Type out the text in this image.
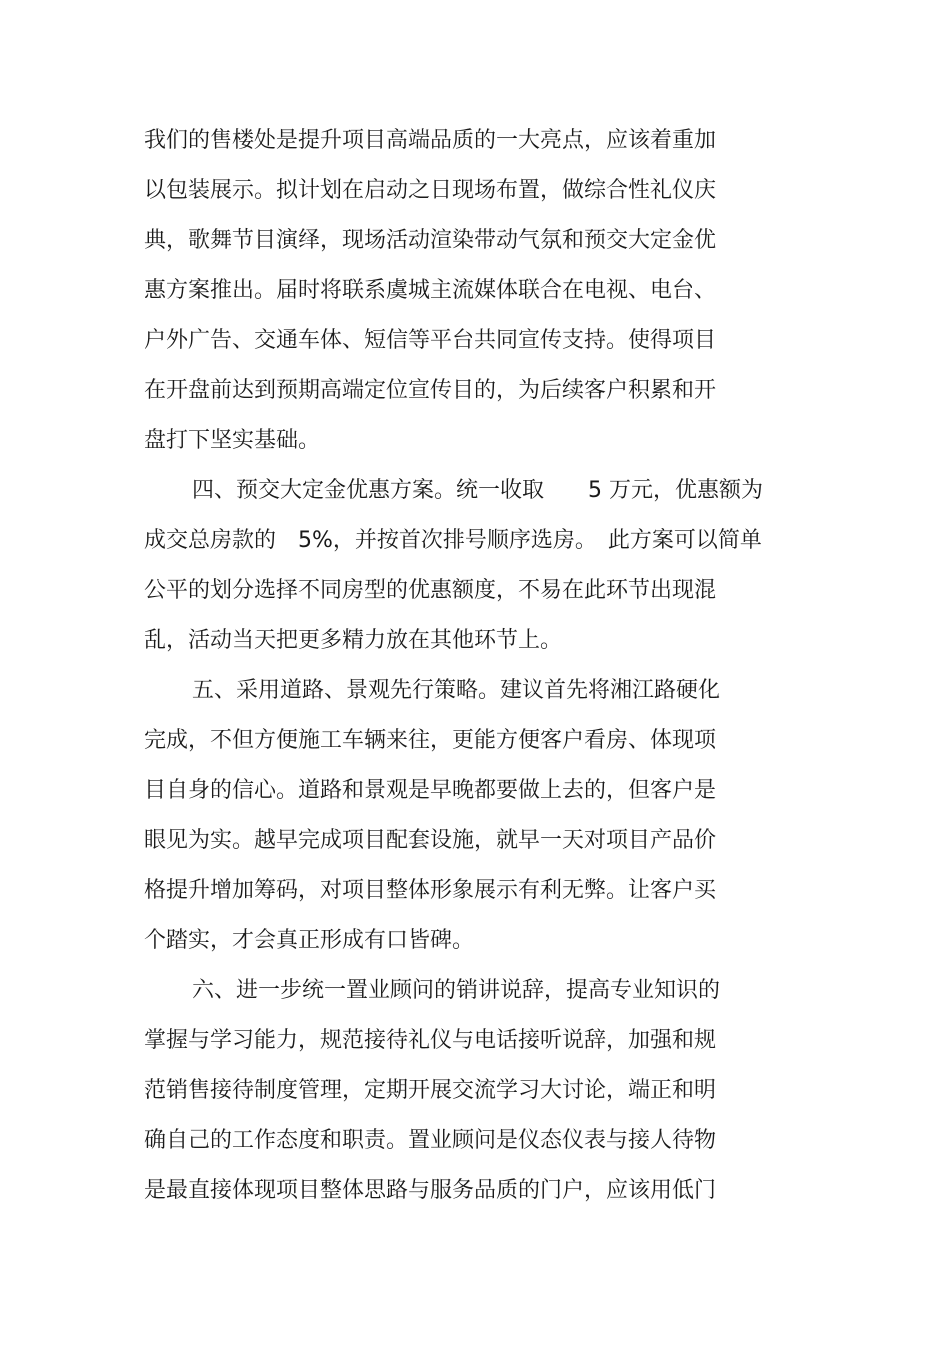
我们的售楼处是提升项目高端品质的一大亮点，应该着重加
以包装展示。拟计划在启动之日现场布置，做综合性礼仪庆
典，歌舞节目演绎，现场活动渲染带动气氛和预交大定金优
惠方案推出。届时将联系虞城主流媒体联合在电视、电台、
户外广告、交通车体、短信等平台共同宣传支持。使得项目
在开盘前达到预期高端定位宣传目的，为后续客户积累和开
盘打下坚实基础。
四、预交大定金优惠方案。统一收取　　5 万元，优惠额为
成交总房款的　5%，并按首次排号顺序选房。　此方案可以简单
公平的划分选择不同房型的优惠额度，不易在此环节出现混
乱，活动当天把更多精力放在其他环节上。
五、采用道路、景观先行策略。建议首先将湘江路硬化
完成，不但方便施工车辆来往，更能方便客户看房、体现项
目自身的信心。道路和景观是早晚都要做上去的，但客户是
眼见为实。越早完成项目配套设施，就早一天对项目产品价
格提升增加筹码，对项目整体形象展示有利无弊。让客户买
个踏实，才会真正形成有口皆碑。
六、进一步统一置业顾问的销讲说辞，提高专业知识的
掌握与学习能力，规范接待礼仪与电话接听说辞，加强和规
范销售接待制度管理，定期开展交流学习大讨论，端正和明
确自己的工作态度和职责。置业顾问是仪态仪表与接人待物
是最直接体现项目整体思路与服务品质的门户，应该用低门
